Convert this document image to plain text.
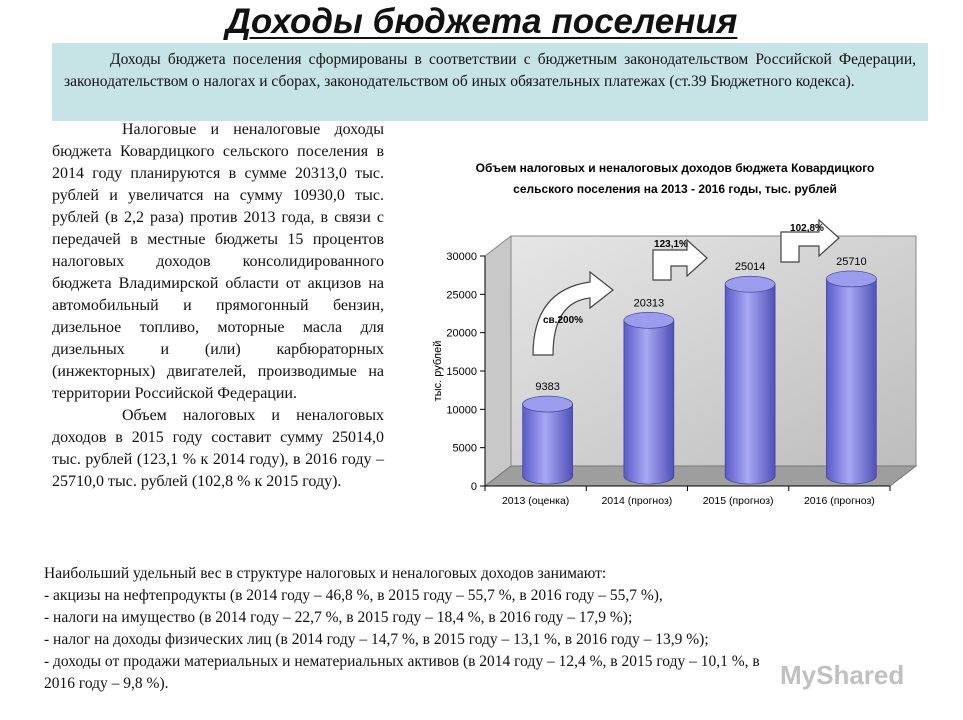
Доходы бюджета поселения
Доходы бюджета поселения сформированы в соответствии с бюджетным законодательством Российской Федерации, законодательством о налогах и сборах, законодательством об иных обязательных платежах (ст.39 Бюджетного кодекса).

Налоговые и неналоговые доходы бюджета Ковардицкого сельского поселения в 2014 году планируются в сумме 20313,0 тыс. рублей и увеличатся на сумму 10930,0 тыс. рублей (в 2,2 раза) против 2013 года, в связи с передачей в местные бюджеты 15 процентов налоговых доходов консолидированного бюджета Владимирской области от акцизов на автомобильный и прямогонный бензин, дизельное топливо, моторные масла для дизельных и (или) карбюраторных (инжекторных) двигателей, производимые на территории Российской Федерации.

Объем налоговых и неналоговых доходов в 2015 году составит сумму 25014,0 тыс. рублей (123,1 % к 2014 году), в 2016 году – 25710,0 тыс. рублей (102,8 % к 2015 году).

Объем налоговых и неналоговых доходов бюджета Ковардицкого
сельского поселения на 2013 - 2016 годы, тыс. рублей
0
5000
10000
15000
20000
25000
30000
тыс. рублей	9383
2013 (оценка)
20313
2014 (прогноз)
25014
2015 (прогноз)
25710
2016 (прогноз)
св.200%
123,1%
102,8%
Наибольший удельный вес в структуре налоговых и неналоговых доходов занимают:
- акцизы на нефтепродукты (в 2014 году – 46,8 %, в 2015 году – 55,7 %, в 2016 году – 55,7 %),
- налоги на имущество (в 2014 году – 22,7 %, в 2015 году – 18,4 %, в 2016 году – 17,9 %);
- налог на доходы физических лиц (в 2014 году – 14,7 %, в 2015 году – 13,1 %, в 2016 году – 13,9 %);
- доходы от продажи материальных и нематериальных активов (в 2014 году – 12,4 %, в 2015 году – 10,1 %, в
2016 году – 9,8 %).	MyShared
